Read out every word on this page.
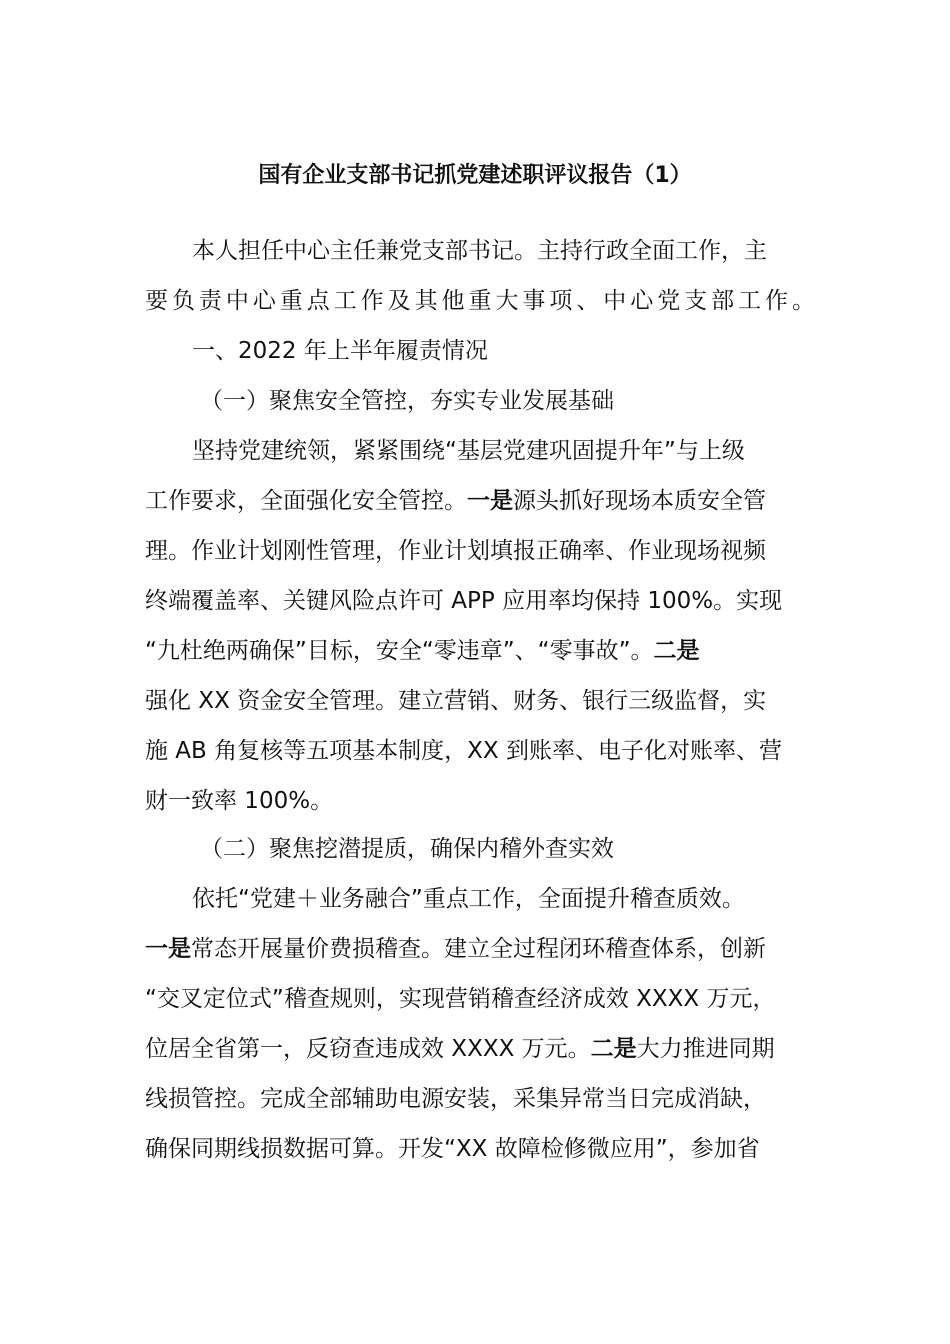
国有企业支部书记抓党建述职评议报告（1）
本人担任中心主任兼党支部书记。主持行政全面工作，主
要负责中心重点工作及其他重大事项、中心党支部工作。
一、2022 年上半年履责情况
（一）聚焦安全管控，夯实专业发展基础
坚持党建统领，紧紧围绕“基层党建巩固提升年”与上级
工作要求，全面强化安全管控。一是源头抓好现场本质安全管
理。作业计划刚性管理，作业计划填报正确率、作业现场视频
终端覆盖率、关键风险点许可 APP 应用率均保持 100%。实现
“九杜绝两确保”目标，安全“零违章”、“零事故”。二是
强化 XX 资金安全管理。建立营销、财务、银行三级监督，实
施 AB 角复核等五项基本制度，XX 到账率、电子化对账率、营
财一致率 100%。
（二）聚焦挖潜提质，确保内稽外查实效
依托“党建＋业务融合”重点工作，全面提升稽查质效。
一是常态开展量价费损稽查。建立全过程闭环稽查体系，创新
“交叉定位式”稽查规则，实现营销稽查经济成效 XXXX 万元，
位居全省第一，反窃查违成效 XXXX 万元。二是大力推进同期
线损管控。完成全部辅助电源安装，采集异常当日完成消缺，
确保同期线损数据可算。开发“XX 故障检修微应用”，参加省
